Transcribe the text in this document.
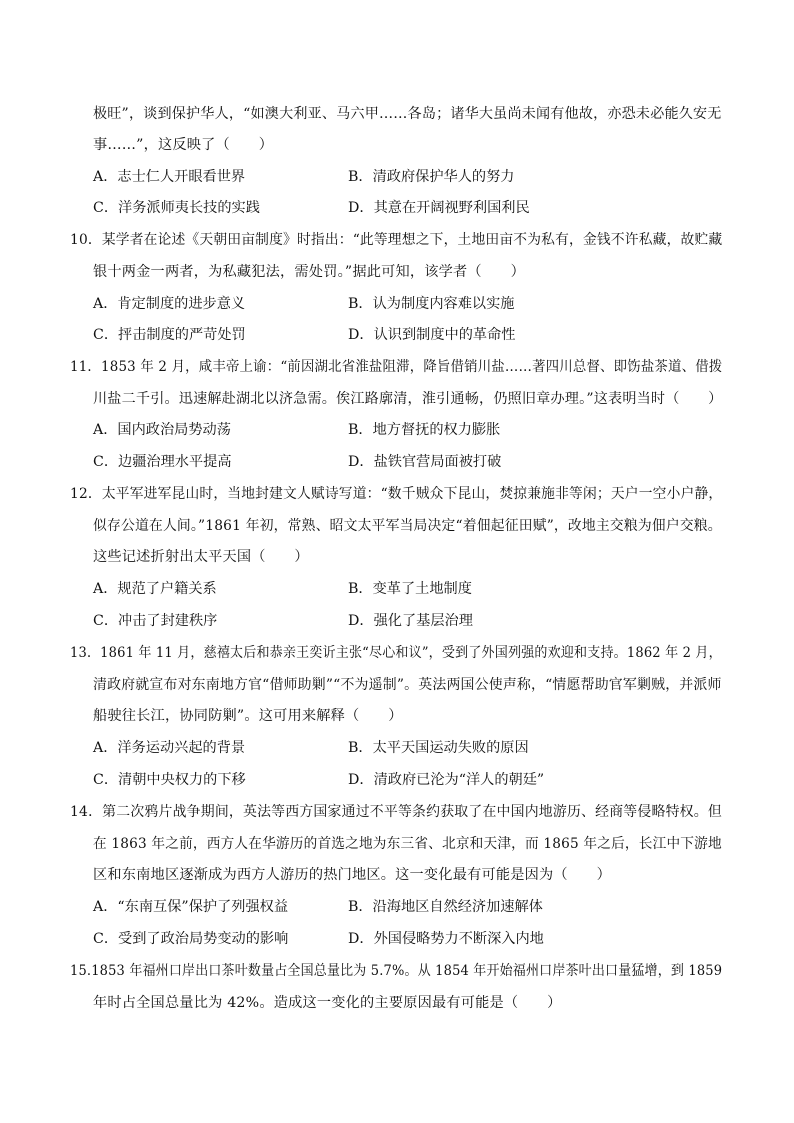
极旺”，谈到保护华人，“如澳大利亚、马六甲……各岛；诸华大虽尚未闻有他故，亦恐未必能久安无
事……”，这反映了（　　）
A．志士仁人开眼看世界	B．清政府保护华人的努力
C．洋务派师夷长技的实践	D．其意在开阔视野利国利民
10．某学者在论述《天朝田亩制度》时指出：“此等理想之下，土地田亩不为私有，金钱不许私藏，故贮藏
银十两金一两者，为私藏犯法，需处罚。”据此可知，该学者（　　）
A．肯定制度的进步意义	B．认为制度内容难以实施
C．抨击制度的严苛处罚	D．认识到制度中的革命性
11．1853 年 2 月，咸丰帝上谕：“前因湖北省淮盐阻滞，降旨借销川盐……著四川总督、即饬盐茶道、借拨
川盐二千引。迅速解赴湖北以济急需。俟江路廓清，淮引通畅，仍照旧章办理。”这表明当时（　　）
A．国内政治局势动荡	B．地方督抚的权力膨胀
C．边疆治理水平提高	D．盐铁官营局面被打破
12．太平军进军昆山时，当地封建文人赋诗写道：“数千贼众下昆山，焚掠兼施非等闲；天户一空小户静，
似存公道在人间。”1861 年初，常熟、昭文太平军当局决定“着佃起征田赋”，改地主交粮为佃户交粮。
这些记述折射出太平天国（　　）
A．规范了户籍关系	B．变革了土地制度
C．冲击了封建秩序	D．强化了基层治理
13．1861 年 11 月，慈禧太后和恭亲王奕䜣主张“尽心和议”，受到了外国列强的欢迎和支持。1862 年 2 月，
清政府就宣布对东南地方官“借师助剿”“不为遥制”。英法两国公使声称，“情愿帮助官军剿贼，并派师
船驶往长江，协同防剿”。这可用来解释（　　）
A．洋务运动兴起的背景	B．太平天国运动失败的原因
C．清朝中央权力的下移	D．清政府已沦为“洋人的朝廷”
14．第二次鸦片战争期间，英法等西方国家通过不平等条约获取了在中国内地游历、经商等侵略特权。但
在 1863 年之前，西方人在华游历的首选之地为东三省、北京和天津，而 1865 年之后，长江中下游地
区和东南地区逐渐成为西方人游历的热门地区。这一变化最有可能是因为（　　）
A．“东南互保”保护了列强权益	B．沿海地区自然经济加速解体
C．受到了政治局势变动的影响	D．外国侵略势力不断深入内地
15.1853 年福州口岸出口茶叶数量占全国总量比为 5.7%。从 1854 年开始福州口岸茶叶出口量猛增，到 1859
年时占全国总量比为 42%。造成这一变化的主要原因最有可能是（　　）
